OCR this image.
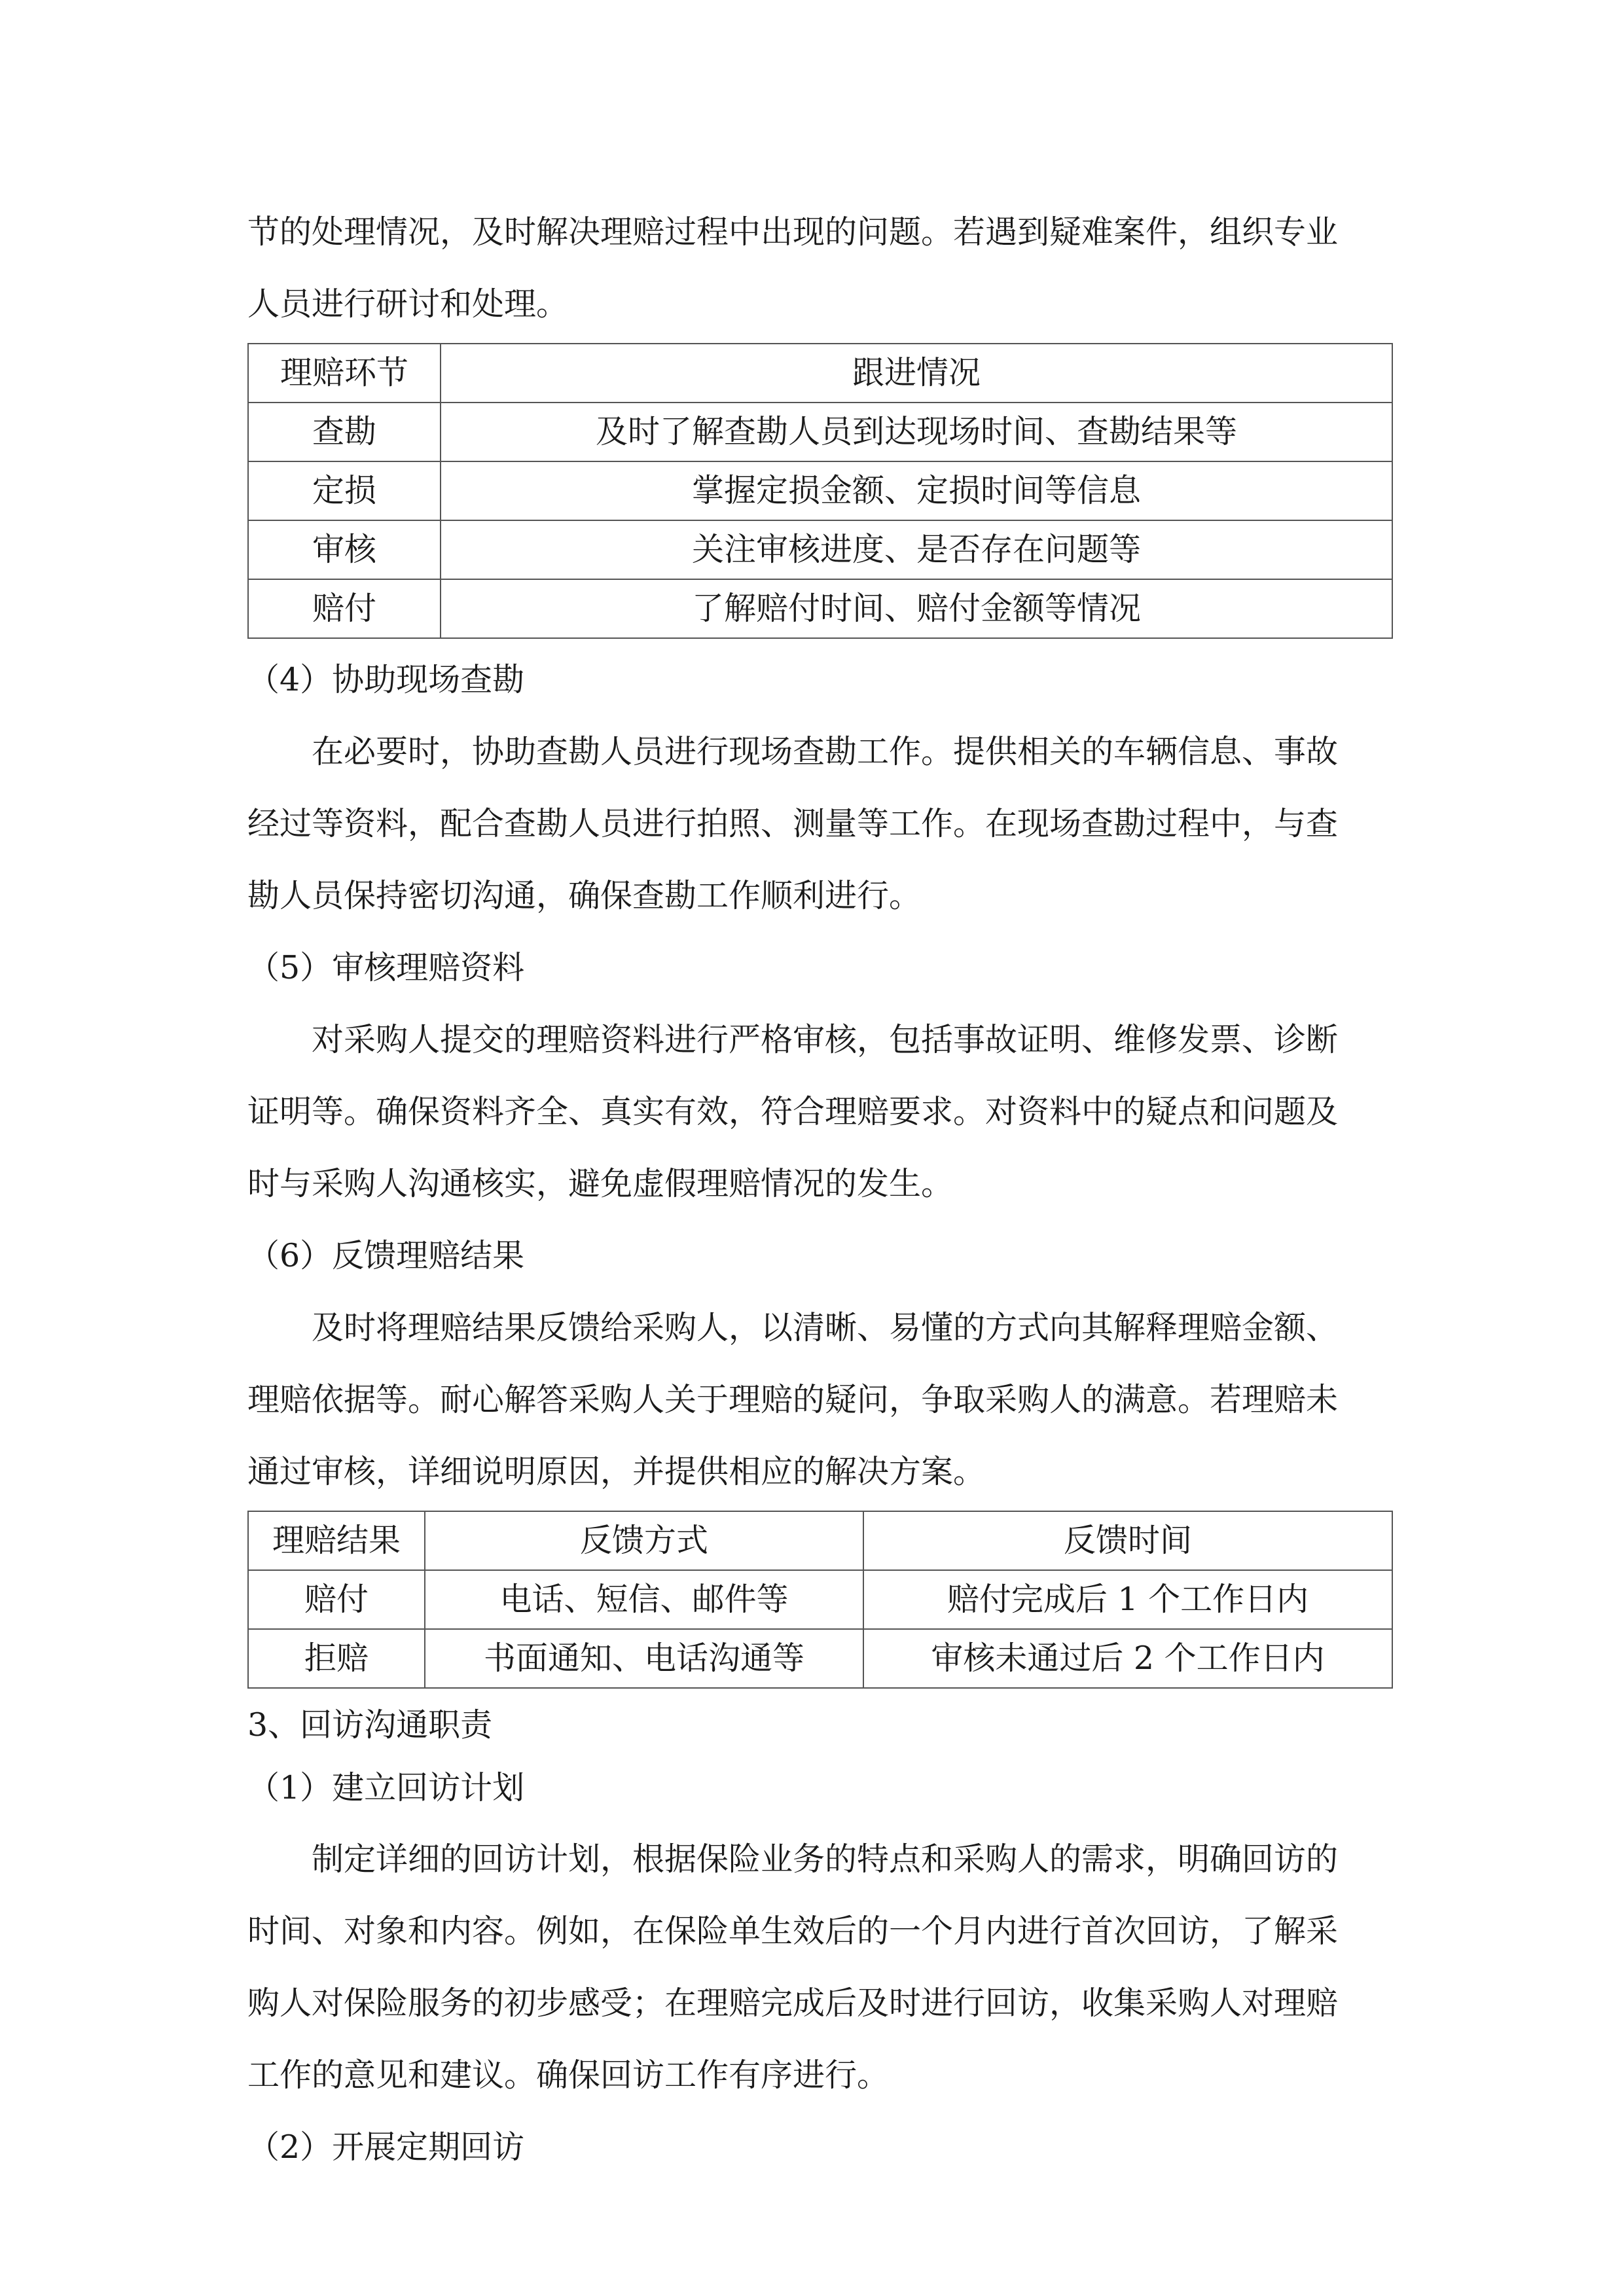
节的处理情况，及时解决理赔过程中出现的问题。若遇到疑难案件，组织专业

人员进行研讨和处理。

理赔环节	跟进情况
查勘	及时了解查勘人员到达现场时间、查勘结果等
定损	掌握定损金额、定损时间等信息
审核	关注审核进度、是否存在问题等
赔付	了解赔付时间、赔付金额等情况

（4）协助现场查勘

在必要时，协助查勘人员进行现场查勘工作。提供相关的车辆信息、事故

经过等资料，配合查勘人员进行拍照、测量等工作。在现场查勘过程中，与查

勘人员保持密切沟通，确保查勘工作顺利进行。

（5）审核理赔资料

对采购人提交的理赔资料进行严格审核，包括事故证明、维修发票、诊断

证明等。确保资料齐全、真实有效，符合理赔要求。对资料中的疑点和问题及

时与采购人沟通核实，避免虚假理赔情况的发生。

（6）反馈理赔结果

及时将理赔结果反馈给采购人，以清晰、易懂的方式向其解释理赔金额、

理赔依据等。耐心解答采购人关于理赔的疑问，争取采购人的满意。若理赔未

通过审核，详细说明原因，并提供相应的解决方案。

理赔结果	反馈方式	反馈时间
赔付	电话、短信、邮件等	赔付完成后 1 个工作日内
拒赔	书面通知、电话沟通等	审核未通过后 2 个工作日内

3、回访沟通职责

（1）建立回访计划

制定详细的回访计划，根据保险业务的特点和采购人的需求，明确回访的

时间、对象和内容。例如，在保险单生效后的一个月内进行首次回访，了解采

购人对保险服务的初步感受；在理赔完成后及时进行回访，收集采购人对理赔

工作的意见和建议。确保回访工作有序进行。

（2）开展定期回访
